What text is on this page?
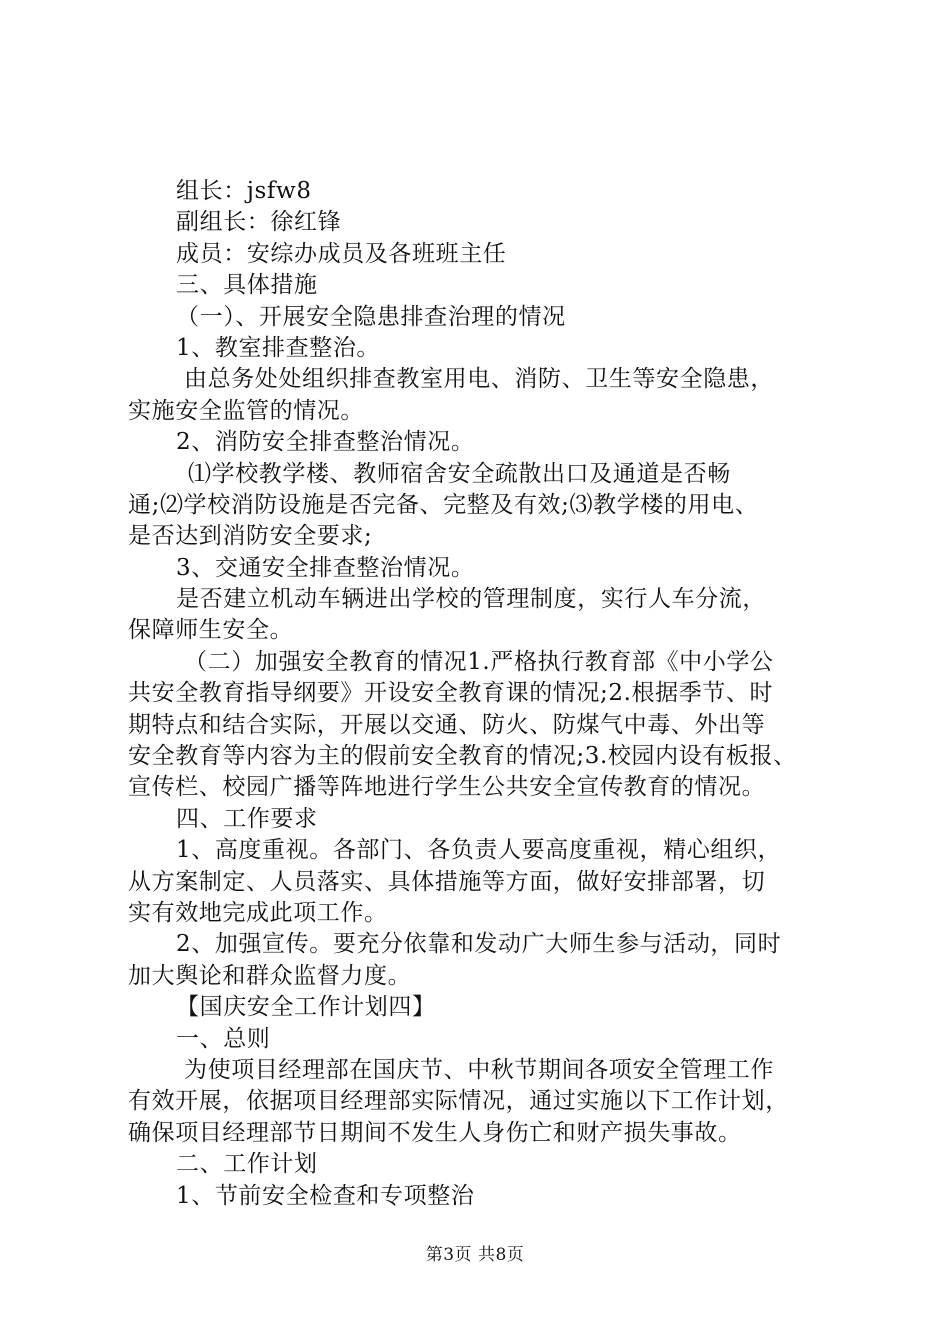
组长：jsfw8
副组长：徐红锋
成员：安综办成员及各班班主任
三、具体措施
（一）、开展安全隐患排查治理的情况
1、教室排查整治。
由总务处处组织排查教室用电、消防、卫生等安全隐患，
实施安全监管的情况。
2、消防安全排查整治情况。
⑴学校教学楼、教师宿舍安全疏散出口及通道是否畅
通;⑵学校消防设施是否完备、完整及有效;⑶教学楼的用电、
是否达到消防安全要求;
3、交通安全排查整治情况。
是否建立机动车辆进出学校的管理制度，实行人车分流，
保障师生安全。
（二）加强安全教育的情况1.严格执行教育部《中小学公
共安全教育指导纲要》开设安全教育课的情况;2.根据季节、时
期特点和结合实际，开展以交通、防火、防煤气中毒、外出等
安全教育等内容为主的假前安全教育的情况;3.校园内设有板报、
宣传栏、校园广播等阵地进行学生公共安全宣传教育的情况。
四、工作要求
1、高度重视。各部门、各负责人要高度重视，精心组织，
从方案制定、人员落实、具体措施等方面，做好安排部署，切
实有效地完成此项工作。
2、加强宣传。要充分依靠和发动广大师生参与活动，同时
加大舆论和群众监督力度。
【国庆安全工作计划四】
一、总则
为使项目经理部在国庆节、中秋节期间各项安全管理工作
有效开展，依据项目经理部实际情况，通过实施以下工作计划，
确保项目经理部节日期间不发生人身伤亡和财产损失事故。
二、工作计划
1、节前安全检查和专项整治
第3页 共8页
